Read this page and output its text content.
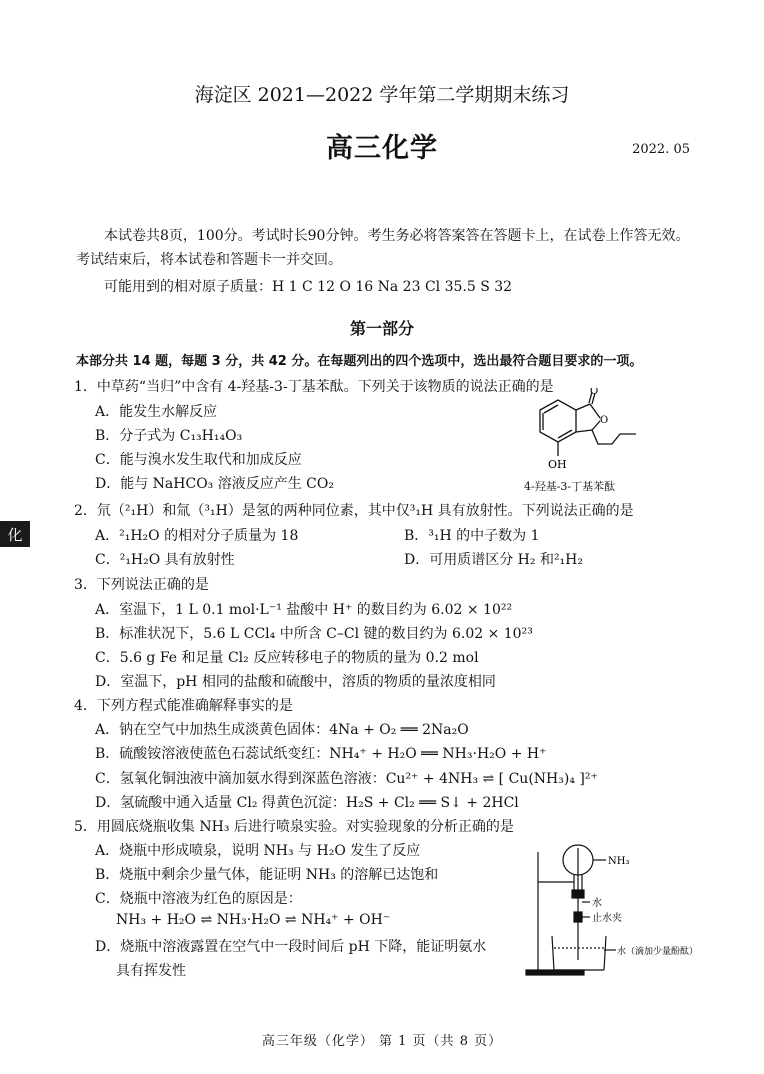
海淀区 2021—2022 学年第二学期期末练习
高三化学	2022. 05
本试卷共8页，100分。考试时长90分钟。考生务必将答案答在答题卡上，在试卷上作答无效。考试结束后，将本试卷和答题卡一并交回。
可能用到的相对原子质量：H 1 C 12 O 16 Na 23 Cl 35.5 S 32
第一部分
本部分共 14 题，每题 3 分，共 42 分。在每题列出的四个选项中，选出最符合题目要求的一项。
化
1．中草药“当归”中含有 4-羟基-3-丁基苯酞。下列关于该物质的说法正确的是
A．能发生水解反应
B．分子式为 C₁₃H₁₄O₃
C．能与溴水发生取代和加成反应
D．能与 NaHCO₃ 溶液反应产生 CO₂
O
O
OH
4-羟基-3-丁基苯酞
2．氘（²₁H）和氚（³₁H）是氢的两种同位素，其中仅³₁H 具有放射性。下列说法正确的是
A．²₁H₂O 的相对分子质量为 18	B．³₁H 的中子数为 1
C．²₁H₂O 具有放射性	D．可用质谱区分 H₂ 和²₁H₂
3．下列说法正确的是
A．室温下，1 L 0.1 mol·L⁻¹ 盐酸中 H⁺ 的数目约为 6.02 × 10²²
B．标准状况下，5.6 L CCl₄ 中所含 C–Cl 键的数目约为 6.02 × 10²³
C．5.6 g Fe 和足量 Cl₂ 反应转移电子的物质的量为 0.2 mol
D．室温下，pH 相同的盐酸和硫酸中，溶质的物质的量浓度相同
4．下列方程式能准确解释事实的是
A．钠在空气中加热生成淡黄色固体：4Na + O₂ ══ 2Na₂O
B．硫酸铵溶液使蓝色石蕊试纸变红：NH₄⁺ + H₂O ══ NH₃·H₂O + H⁺
C．氢氧化铜浊液中滴加氨水得到深蓝色溶液：Cu²⁺ + 4NH₃ ⇌ [ Cu(NH₃)₄ ]²⁺
D．氢硫酸中通入适量 Cl₂ 得黄色沉淀：H₂S + Cl₂ ══ S↓ + 2HCl
5．用圆底烧瓶收集 NH₃ 后进行喷泉实验。对实验现象的分析正确的是
A．烧瓶中形成喷泉，说明 NH₃ 与 H₂O 发生了反应
B．烧瓶中剩余少量气体，能证明 NH₃ 的溶解已达饱和
C．烧瓶中溶液为红色的原因是：
NH₃ + H₂O ⇌ NH₃·H₂O ⇌ NH₄⁺ + OH⁻
D．烧瓶中溶液露置在空气中一段时间后 pH 下降，能证明氨水
具有挥发性
NH₃
水
止水夹
水（滴加少量酚酞）
高三年级（化学） 第 1 页（共 8 页）
